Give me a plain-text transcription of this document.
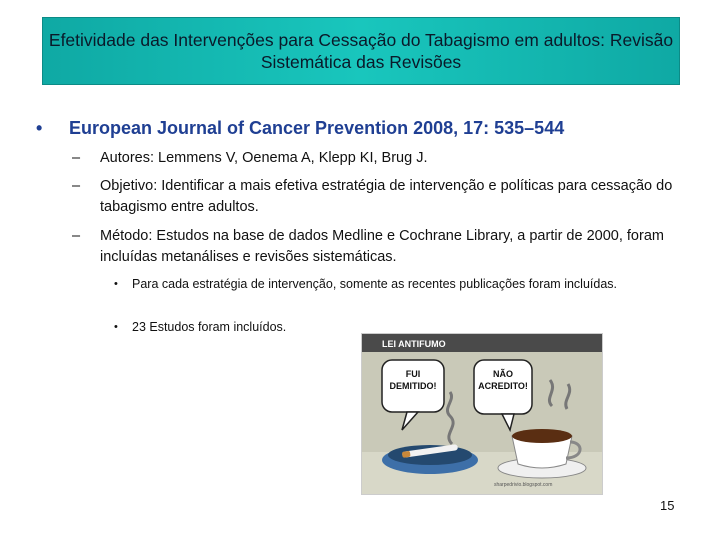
Efetividade das Intervenções para Cessação do Tabagismo em adultos: Revisão Sistemática das Revisões
• European Journal of Cancer Prevention 2008, 17: 535–544
–	Autores: Lemmens V, Oenema A, Klepp KI, Brug J.
–	Objetivo: Identificar a mais efetiva estratégia de intervenção e políticas para cessação do tabagismo entre adultos.
–	Método: Estudos na base de dados Medline e Cochrane Library, a partir de 2000, foram incluídas metanálises e revisões sistemáticas.
•	Para cada estratégia de intervenção, somente as recentes publicações foram incluídas.
•	23 Estudos foram incluídos.
LEI ANTIFUMO
FUI DEMITIDO!
NÃO ACREDITO!
sharpedrivio.blogspot.com
15
